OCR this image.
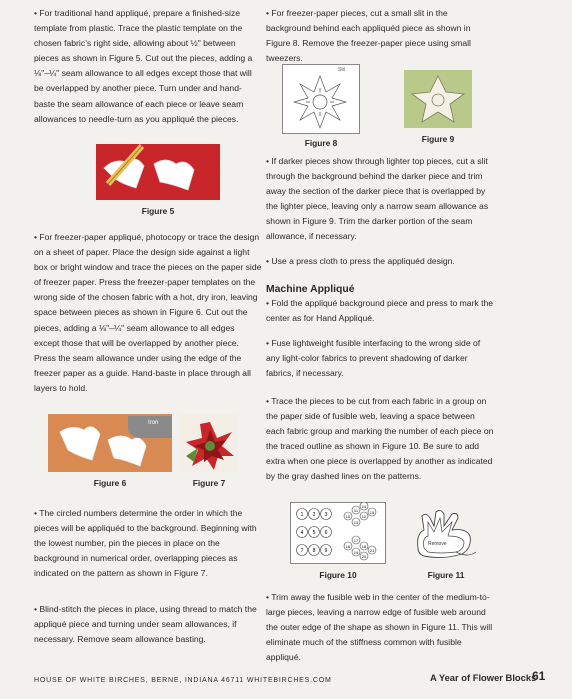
• For traditional hand appliqué, prepare a finished-size template from plastic. Trace the plastic template on the chosen fabric’s right side, allowing about ½" between pieces as shown in Figure 5. Cut out the pieces, adding a ⅛"–¼" seam allowance to all edges except those that will be overlapped by another piece. Turn under and hand-baste the seam allowance of each piece or leave seam allowances to needle-turn as you appliqué the pieces.

Figure 5

• For freezer-paper appliqué, photocopy or trace the design on a sheet of paper. Place the design side against a light box or bright window and trace the pieces on the paper side of freezer paper. Press the freezer-paper templates on the wrong side of the chosen fabric with a hot, dry iron, leaving space between pieces as shown in Figure 6. Cut out the pieces, adding a ⅛"–¼" seam allowance to all edges except those that will be overlapped by another piece. Press the seam allowance under using the edge of the freezer paper as a guide. Hand-baste in place through all layers to hold.

Iron
Figure 6	Figure 7

• The circled numbers determine the order in which the pieces will be appliquéd to the background. Beginning with the lowest number, pin the pieces in place on the background in numerical order, overlapping pieces as indicated on the pattern as shown in Figure 7.

• Blind-stitch the pieces in place, using thread to match the appliqué piece and turning under seam allowances, if necessary. Remove seam allowance basting.

• For freezer-paper pieces, cut a small slit in the background behind each appliquéd piece as shown in Figure 8. Remove the freezer-paper piece using small tweezers.

Slit
Figure 8	Figure 9

• If darker pieces show through lighter top pieces, cut a slit through the background behind the darker piece and trim away the section of the darker piece that is overlapped by the lighter piece, leaving only a narrow seam allowance as shown in Figure 9. Trim the darker portion of the seam allowance, if necessary.

• Use a press cloth to press the appliquéd design.

Machine Appliqué

• Fold the appliqué background piece and press to mark the center as for Hand Appliqué.

• Fuse lightweight fusible interfacing to the wrong side of any light-color fabrics to prevent shadowing of darker fabrics, if necessary.

• Trace the pieces to be cut from each fabric in a group on the paper side of fusible web, leaving a space between each fabric group and marking the number of each piece on the traced outline as shown in Figure 10. Be sure to add extra when one piece is overlapped by another as indicated by the gray dashed lines on the patterns.

1 2 3
4 5 6
7 8 9
10
11
12
13
14
15
16
17
18
19
20
21
Figure 10
Remove
Figure 11

• Trim away the fusible web in the center of the medium-to-large pieces, leaving a narrow edge of fusible web around the outer edge of the shape as shown in Figure 11. This will eliminate much of the stiffness common with fusible appliqué.

HOUSE OF WHITE BIRCHES, BERNE, INDIANA 46711 WHITEBIRCHES.COM	A Year of Flower Blocks
61
